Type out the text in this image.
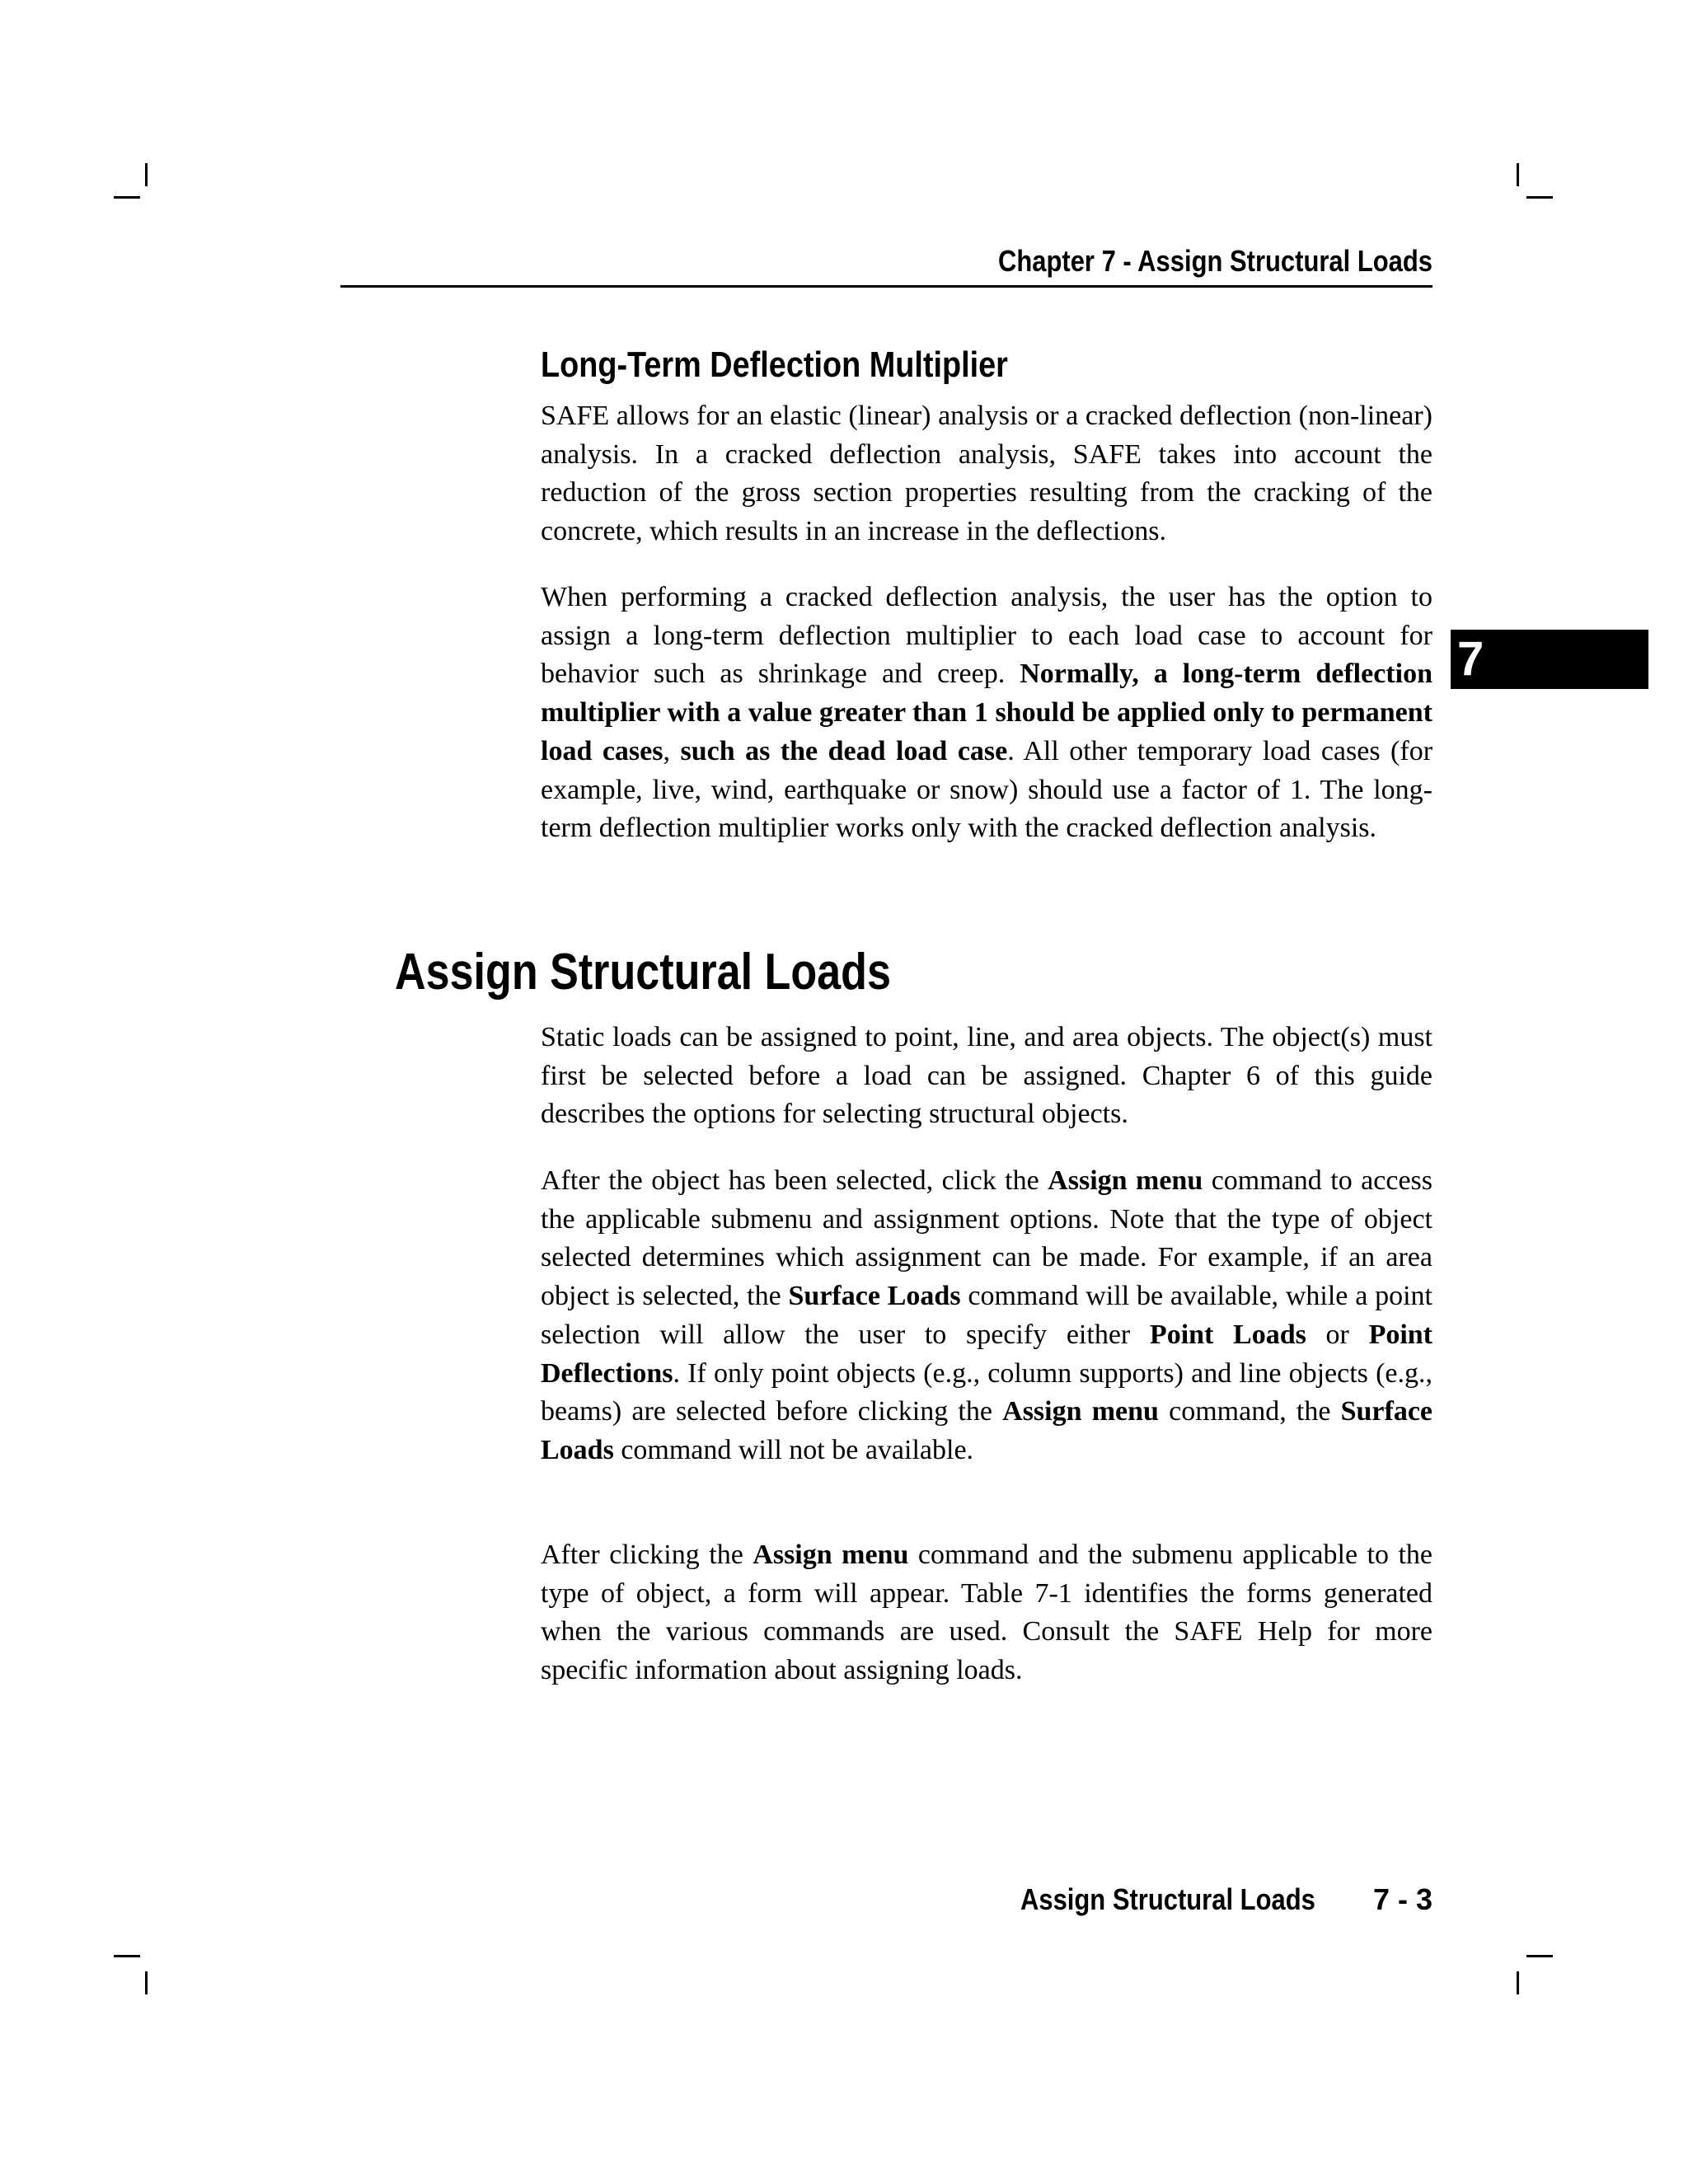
Chapter 7 - Assign Structural Loads
7
Long-Term Deflection Multiplier

SAFE allows for an elastic (linear) analysis or a cracked deflection (non-linear) analysis. In a cracked deflection analysis, SAFE takes into account the reduction of the gross section properties resulting from the cracking of the concrete, which results in an increase in the deflections.

When performing a cracked deflection analysis, the user has the option to assign a long-term deflection multiplier to each load case to account for behavior such as shrinkage and creep. Normally, a long-term deflection multiplier with a value greater than 1 should be applied only to permanent load cases, such as the dead load case. All other temporary load cases (for example, live, wind, earthquake or snow) should use a factor of 1. The long-term deflection multiplier works only with the cracked deflection analysis.

Assign Structural Loads

Static loads can be assigned to point, line, and area objects. The object(s) must first be selected before a load can be assigned. Chapter 6 of this guide describes the options for selecting structural objects.

After the object has been selected, click the Assign menu command to access the applicable submenu and assignment options. Note that the type of object selected determines which assignment can be made. For example, if an area object is selected, the Surface Loads command will be available, while a point selection will allow the user to specify either Point Loads or Point Deflections. If only point objects (e.g., column supports) and line objects (e.g., beams) are selected before clicking the Assign menu command, the Surface Loads command will not be available.

After clicking the Assign menu command and the submenu applicable to the type of object, a form will appear. Table 7-1 identifies the forms generated when the various commands are used. Consult the SAFE Help for more specific information about assigning loads.

Assign Structural Loads 7 - 3
